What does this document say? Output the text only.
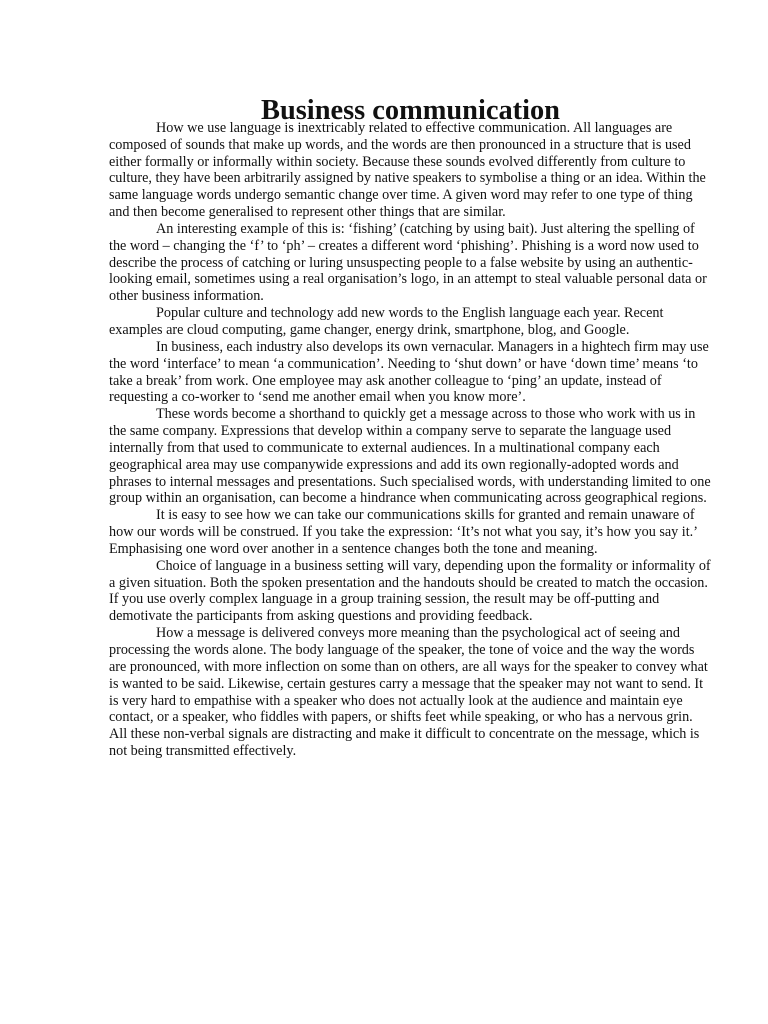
Business communication

How we use language is inextricably related to effective communication. All languages are composed of sounds that make up words, and the words are then pronounced in a structure that is used either formally or informally within society. Because these sounds evolved differently from culture to culture, they have been arbitrarily assigned by native speakers to symbolise a thing or an idea. Within the same language words undergo semantic change over time. A given word may refer to one type of thing and then become generalised to represent other things that are similar.

An interesting example of this is: ‘fishing’ (catching by using bait). Just altering the spelling of the word – changing the ‘f’ to ‘ph’ – creates a different word ‘phishing’. Phishing is a word now used to describe the process of catching or luring unsuspecting people to a false website by using an authentic-looking email, sometimes using a real organisation’s logo, in an attempt to steal valuable personal data or other business information.

Popular culture and technology add new words to the English language each year. Recent examples are cloud computing, game changer, energy drink, smartphone, blog, and Google.

In business, each industry also develops its own vernacular. Managers in a hightech firm may use the word ‘interface’ to mean ‘a communication’. Needing to ‘shut down’ or have ‘down time’ means ‘to take a break’ from work. One employee may ask another colleague to ‘ping’ an update, instead of requesting a co-worker to ‘send me another email when you know more’.

These words become a shorthand to quickly get a message across to those who work with us in the same company. Expressions that develop within a company serve to separate the language used internally from that used to communicate to external audiences. In a multinational company each geographical area may use companywide expressions and add its own regionally-adopted words and phrases to internal messages and presentations. Such specialised words, with understanding limited to one group within an organisation, can become a hindrance when communicating across geographical regions.

It is easy to see how we can take our communications skills for granted and remain unaware of how our words will be construed. If you take the expression: ‘It’s not what you say, it’s how you say it.’ Emphasising one word over another in a sentence changes both the tone and meaning.

Choice of language in a business setting will vary, depending upon the formality or informality of a given situation. Both the spoken presentation and the handouts should be created to match the occasion. If you use overly complex language in a group training session, the result may be off-putting and demotivate the participants from asking questions and providing feedback.

How a message is delivered conveys more meaning than the psychological act of seeing and processing the words alone. The body language of the speaker, the tone of voice and the way the words are pronounced, with more inflection on some than on others, are all ways for the speaker to convey what is wanted to be said. Likewise, certain gestures carry a message that the speaker may not want to send. It is very hard to empathise with a speaker who does not actually look at the audience and maintain eye contact, or a speaker, who fiddles with papers, or shifts feet while speaking, or who has a nervous grin. All these non-verbal signals are distracting and make it difficult to concentrate on the message, which is not being transmitted effectively.
